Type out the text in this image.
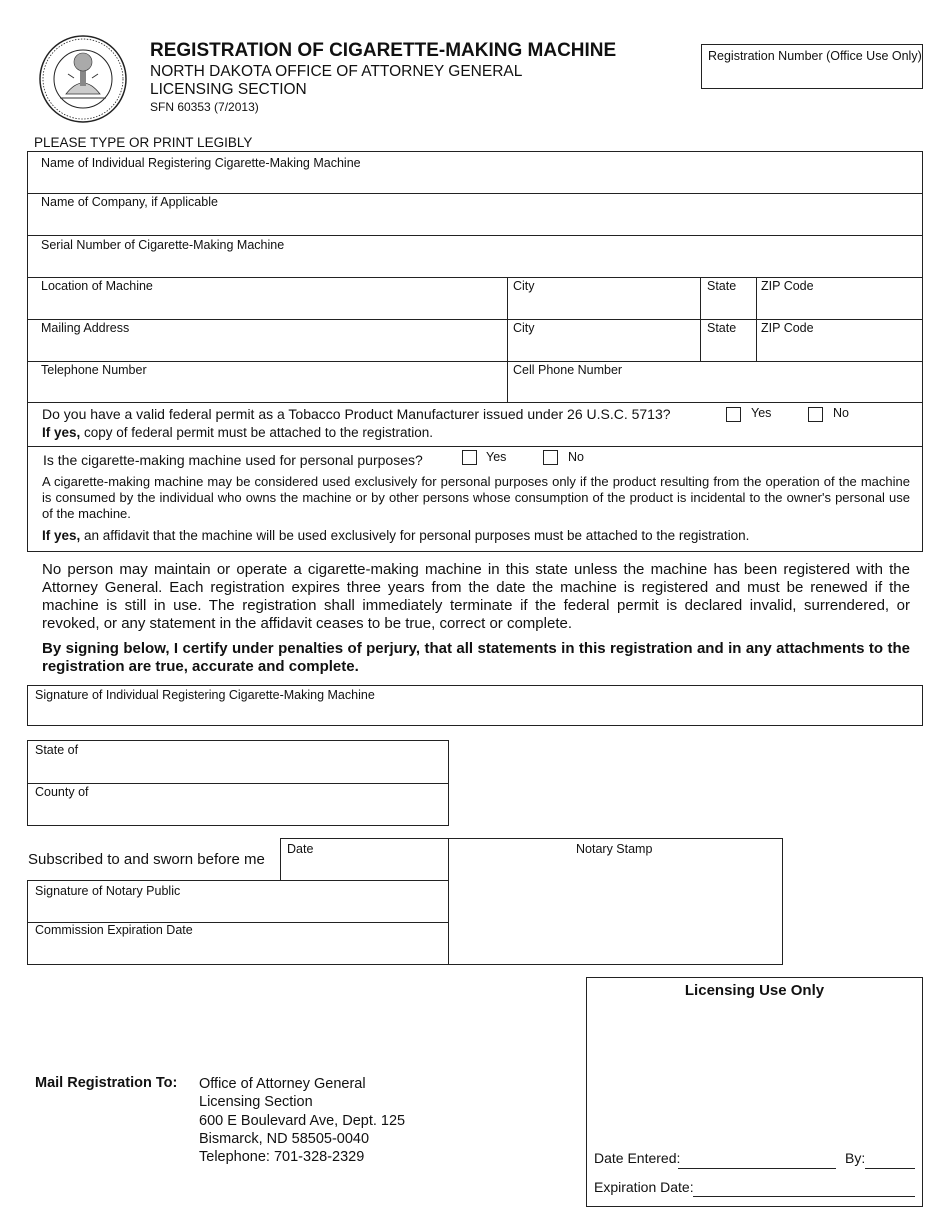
REGISTRATION OF CIGARETTE-MAKING MACHINE
NORTH DAKOTA OFFICE OF ATTORNEY GENERAL
LICENSING SECTION
SFN 60353 (7/2013)
Registration Number (Office Use Only)
PLEASE TYPE OR PRINT LEGIBLY
Name of Individual Registering Cigarette-Making Machine
Name of Company, if Applicable
Serial Number of Cigarette-Making Machine
Location of Machine	City	State ZIP Code
Mailing Address	City	State ZIP Code
Telephone Number	Cell Phone Number
Do you have a valid federal permit as a Tobacco Product Manufacturer issued under 26 U.S.C. 5713?	Yes	No
If yes, copy of federal permit must be attached to the registration.
Is the cigarette-making machine used for personal purposes?	Yes	No
A cigarette-making machine may be considered used exclusively for personal purposes only if the product resulting from the operation of the machine is consumed by the individual who owns the machine or by other persons whose consumption of the product is incidental to the owner's personal use of the machine.
If yes, an affidavit that the machine will be used exclusively for personal purposes must be attached to the registration.
No person may maintain or operate a cigarette-making machine in this state unless the machine has been registered with the Attorney General. Each registration expires three years from the date the machine is registered and must be renewed if the machine is still in use. The registration shall immediately terminate if the federal permit is declared invalid, surrendered, or revoked, or any statement in the affidavit ceases to be true, correct or complete.
By signing below, I certify under penalties of perjury, that all statements in this registration and in any attachments to the registration are true, accurate and complete.
Signature of Individual Registering Cigarette-Making Machine
State of
County of
Subscribed to and sworn before me
Date
Signature of Notary Public
Commission Expiration Date
Notary Stamp
Mail Registration To: Office of Attorney General
Licensing Section
600 E Boulevard Ave, Dept. 125
Bismarck, ND 58505-0040
Telephone: 701-328-2329
Licensing Use Only
Date Entered:	By:
Expiration Date:
